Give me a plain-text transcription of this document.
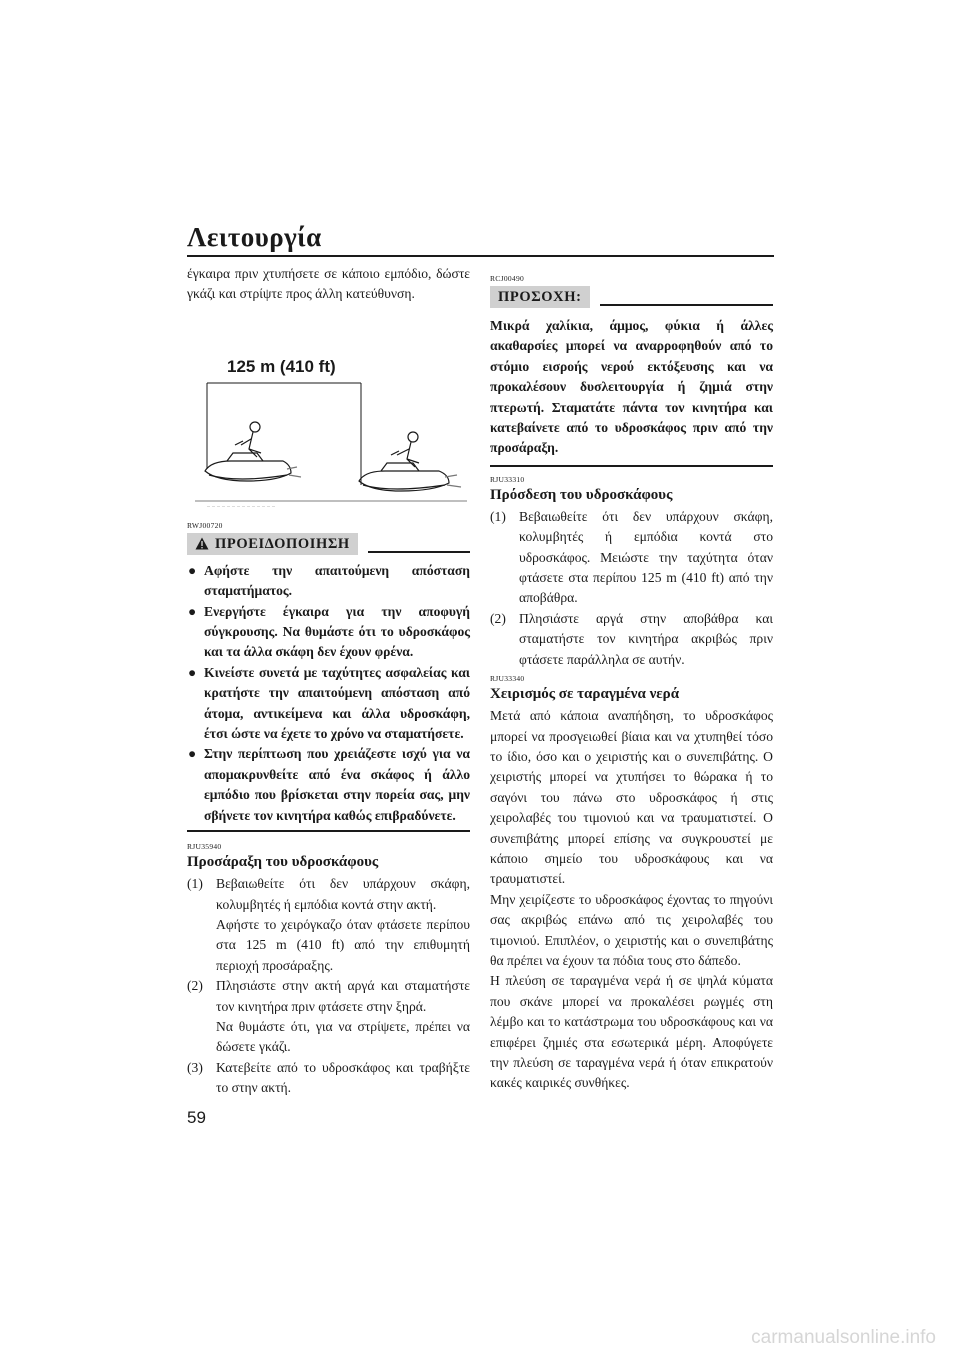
Λειτουργία

έγκαιρα πριν χτυπήσετε σε κάποιο εμπόδιο, δώστε γκάζι και στρίψτε προς άλλη κατεύθυνση.

125 m (410 ft)
RWJ00720
ΠΡΟΕΙΔΟΠΟΙΗΣΗ
● Αφήστε την απαιτούμενη απόσταση σταματήματος.
● Ενεργήστε έγκαιρα για την αποφυγή σύγκρουσης. Να θυμάστε ότι το υδροσκάφος και τα άλλα σκάφη δεν έχουν φρένα.
● Κινείστε συνετά με ταχύτητες ασφαλείας και κρατήστε την απαιτούμενη απόσταση από άτομα, αντικείμενα και άλλα υδροσκάφη, έτσι ώστε να έχετε το χρόνο να σταματήσετε.
● Στην περίπτωση που χρειάζεστε ισχύ για να απομακρυνθείτε από ένα σκάφος ή άλλο εμπόδιο που βρίσκεται στην πορεία σας, μην σβήνετε τον κινητήρα καθώς επιβραδύνετε.
RJU35940
Προσάραξη του υδροσκάφους
(1) Βεβαιωθείτε ότι δεν υπάρχουν σκάφη, κολυμβητές ή εμπόδια κοντά στην ακτή.
Αφήστε το χειρόγκαζο όταν φτάσετε περίπου στα 125 m (410 ft) από την επιθυμητή περιοχή προσάραξης.
(2) Πλησιάστε στην ακτή αργά και σταματήστε τον κινητήρα πριν φτάσετε στην ξηρά.
Να θυμάστε ότι, για να στρίψετε, πρέπει να δώσετε γκάζι.
(3) Κατεβείτε από το υδροσκάφος και τραβήξτε το στην ακτή.
RCJ00490
ΠΡΟΣΟΧΗ:

Μικρά χαλίκια, άμμος, φύκια ή άλλες ακαθαρσίες μπορεί να αναρροφηθούν από το στόμιο εισροής νερού εκτόξευσης και να προκαλέσουν δυσλειτουργία ή ζημιά στην πτερωτή. Σταματάτε πάντα τον κινητήρα και κατεβαίνετε από το υδροσκάφος πριν από την προσάραξη.

RJU33310
Πρόσδεση του υδροσκάφους
(1) Βεβαιωθείτε ότι δεν υπάρχουν σκάφη, κολυμβητές ή εμπόδια κοντά στο υδροσκάφος. Μειώστε την ταχύτητα όταν φτάσετε στα περίπου 125 m (410 ft) από την αποβάθρα.
(2) Πλησιάστε αργά στην αποβάθρα και σταματήστε τον κινητήρα ακριβώς πριν φτάσετε παράλληλα σε αυτήν.
RJU33340
Χειρισμός σε ταραγμένα νερά

Μετά από κάποια αναπήδηση, το υδροσκάφος μπορεί να προσγειωθεί βίαια και να χτυπηθεί τόσο το ίδιο, όσο και ο χειριστής και ο συνεπιβάτης. Ο χειριστής μπορεί να χτυπήσει το θώρακα ή το σαγόνι του πάνω στο υδροσκάφος ή στις χειρολαβές του τιμονιού και να τραυματιστεί. Ο συνεπιβάτης μπορεί επίσης να συγκρουστεί με κάποιο σημείο του υδροσκάφους και να τραυματιστεί.

Μην χειρίζεστε το υδροσκάφος έχοντας το πηγούνι σας ακριβώς επάνω από τις χειρολαβές του τιμονιού. Επιπλέον, ο χειριστής και ο συνεπιβάτης θα πρέπει να έχουν τα πόδια τους στο δάπεδο.

Η πλεύση σε ταραγμένα νερά ή σε ψηλά κύματα που σκάνε μπορεί να προκαλέσει ρωγμές στη λέμβο και το κατάστρωμα του υδροσκάφους και να επιφέρει ζημιές στα εσωτερικά μέρη. Αποφύγετε την πλεύση σε ταραγμένα νερά ή όταν επικρατούν κακές καιρικές συνθήκες.

59
carmanualsonline.info
